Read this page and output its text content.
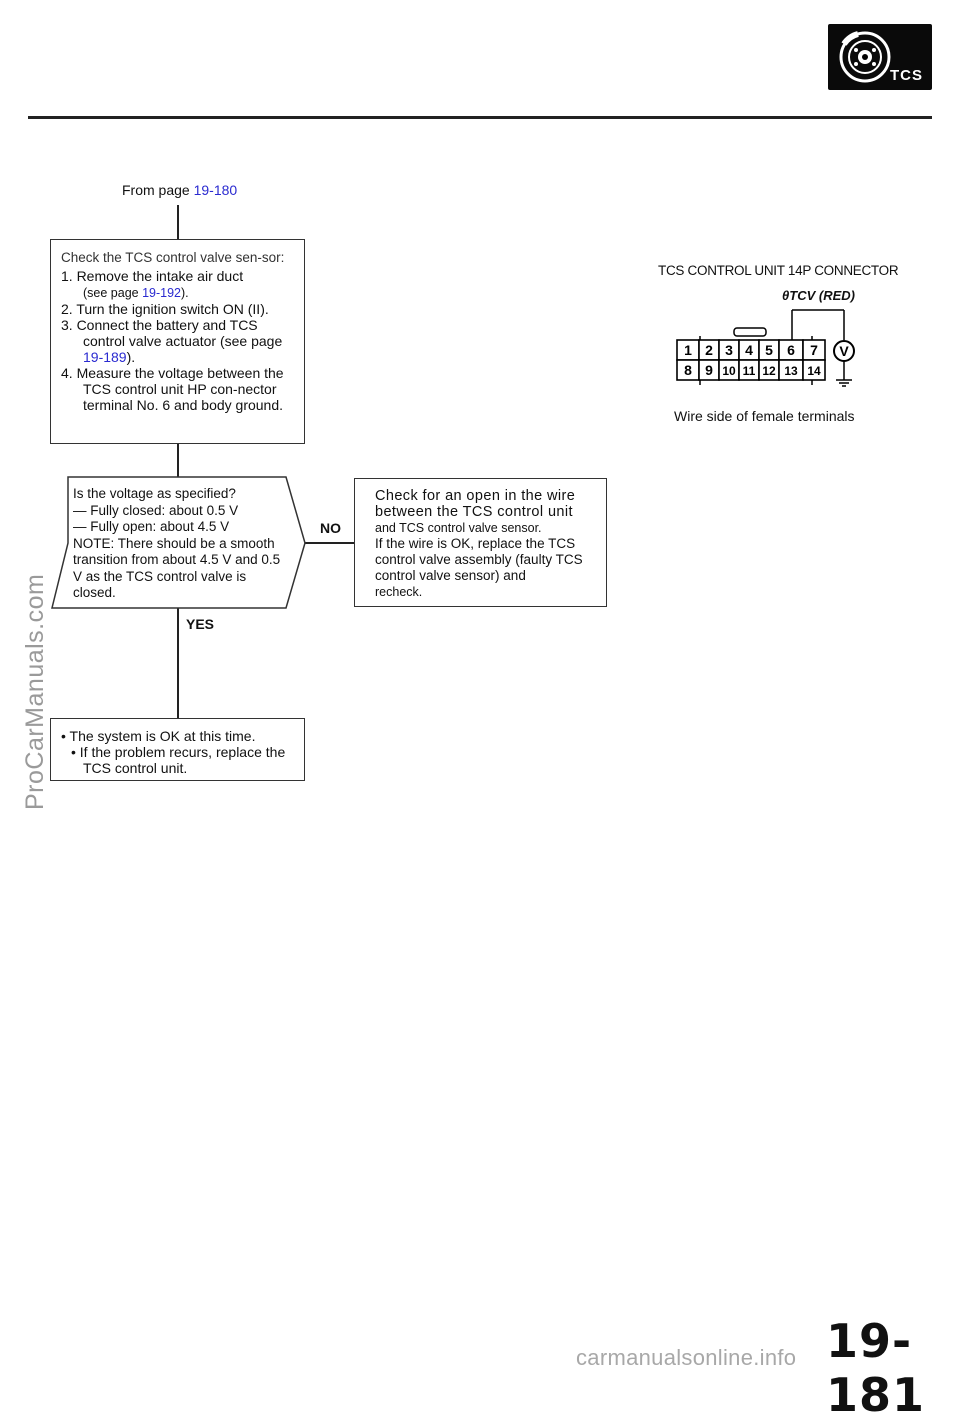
TCS
From page 19-180
Check the TCS control valve sen-sor:
1. Remove the intake air duct
(see page 19-192).
2. Turn the ignition switch ON (II).
3. Connect the battery and TCS control valve actuator (see page 19-189).
4. Measure the voltage between the TCS control unit HP con-nector terminal No. 6 and body ground.
Is the voltage as specified?
— Fully closed: about 0.5 V
— Fully open: about 4.5 V
NOTE: There should be a smooth transition from about 4.5 V and 0.5 V as the TCS control valve is closed.
NO
YES
Check for an open in the wire between the TCS control unit
and TCS control valve sensor.
If the wire is OK, replace the TCS control valve assembly (faulty TCS control valve sensor) and
recheck.
• The system is OK at this time.
• If the problem recurs, replace the TCS control unit.
TCS CONTROL UNIT 14P CONNECTOR
θTCV (RED)
1 2 3 4 5 6 7
8 9 10 11 12 13 14
V
Wire side of female terminals
ProCarManuals.com
19-181
carmanualsonline.info
